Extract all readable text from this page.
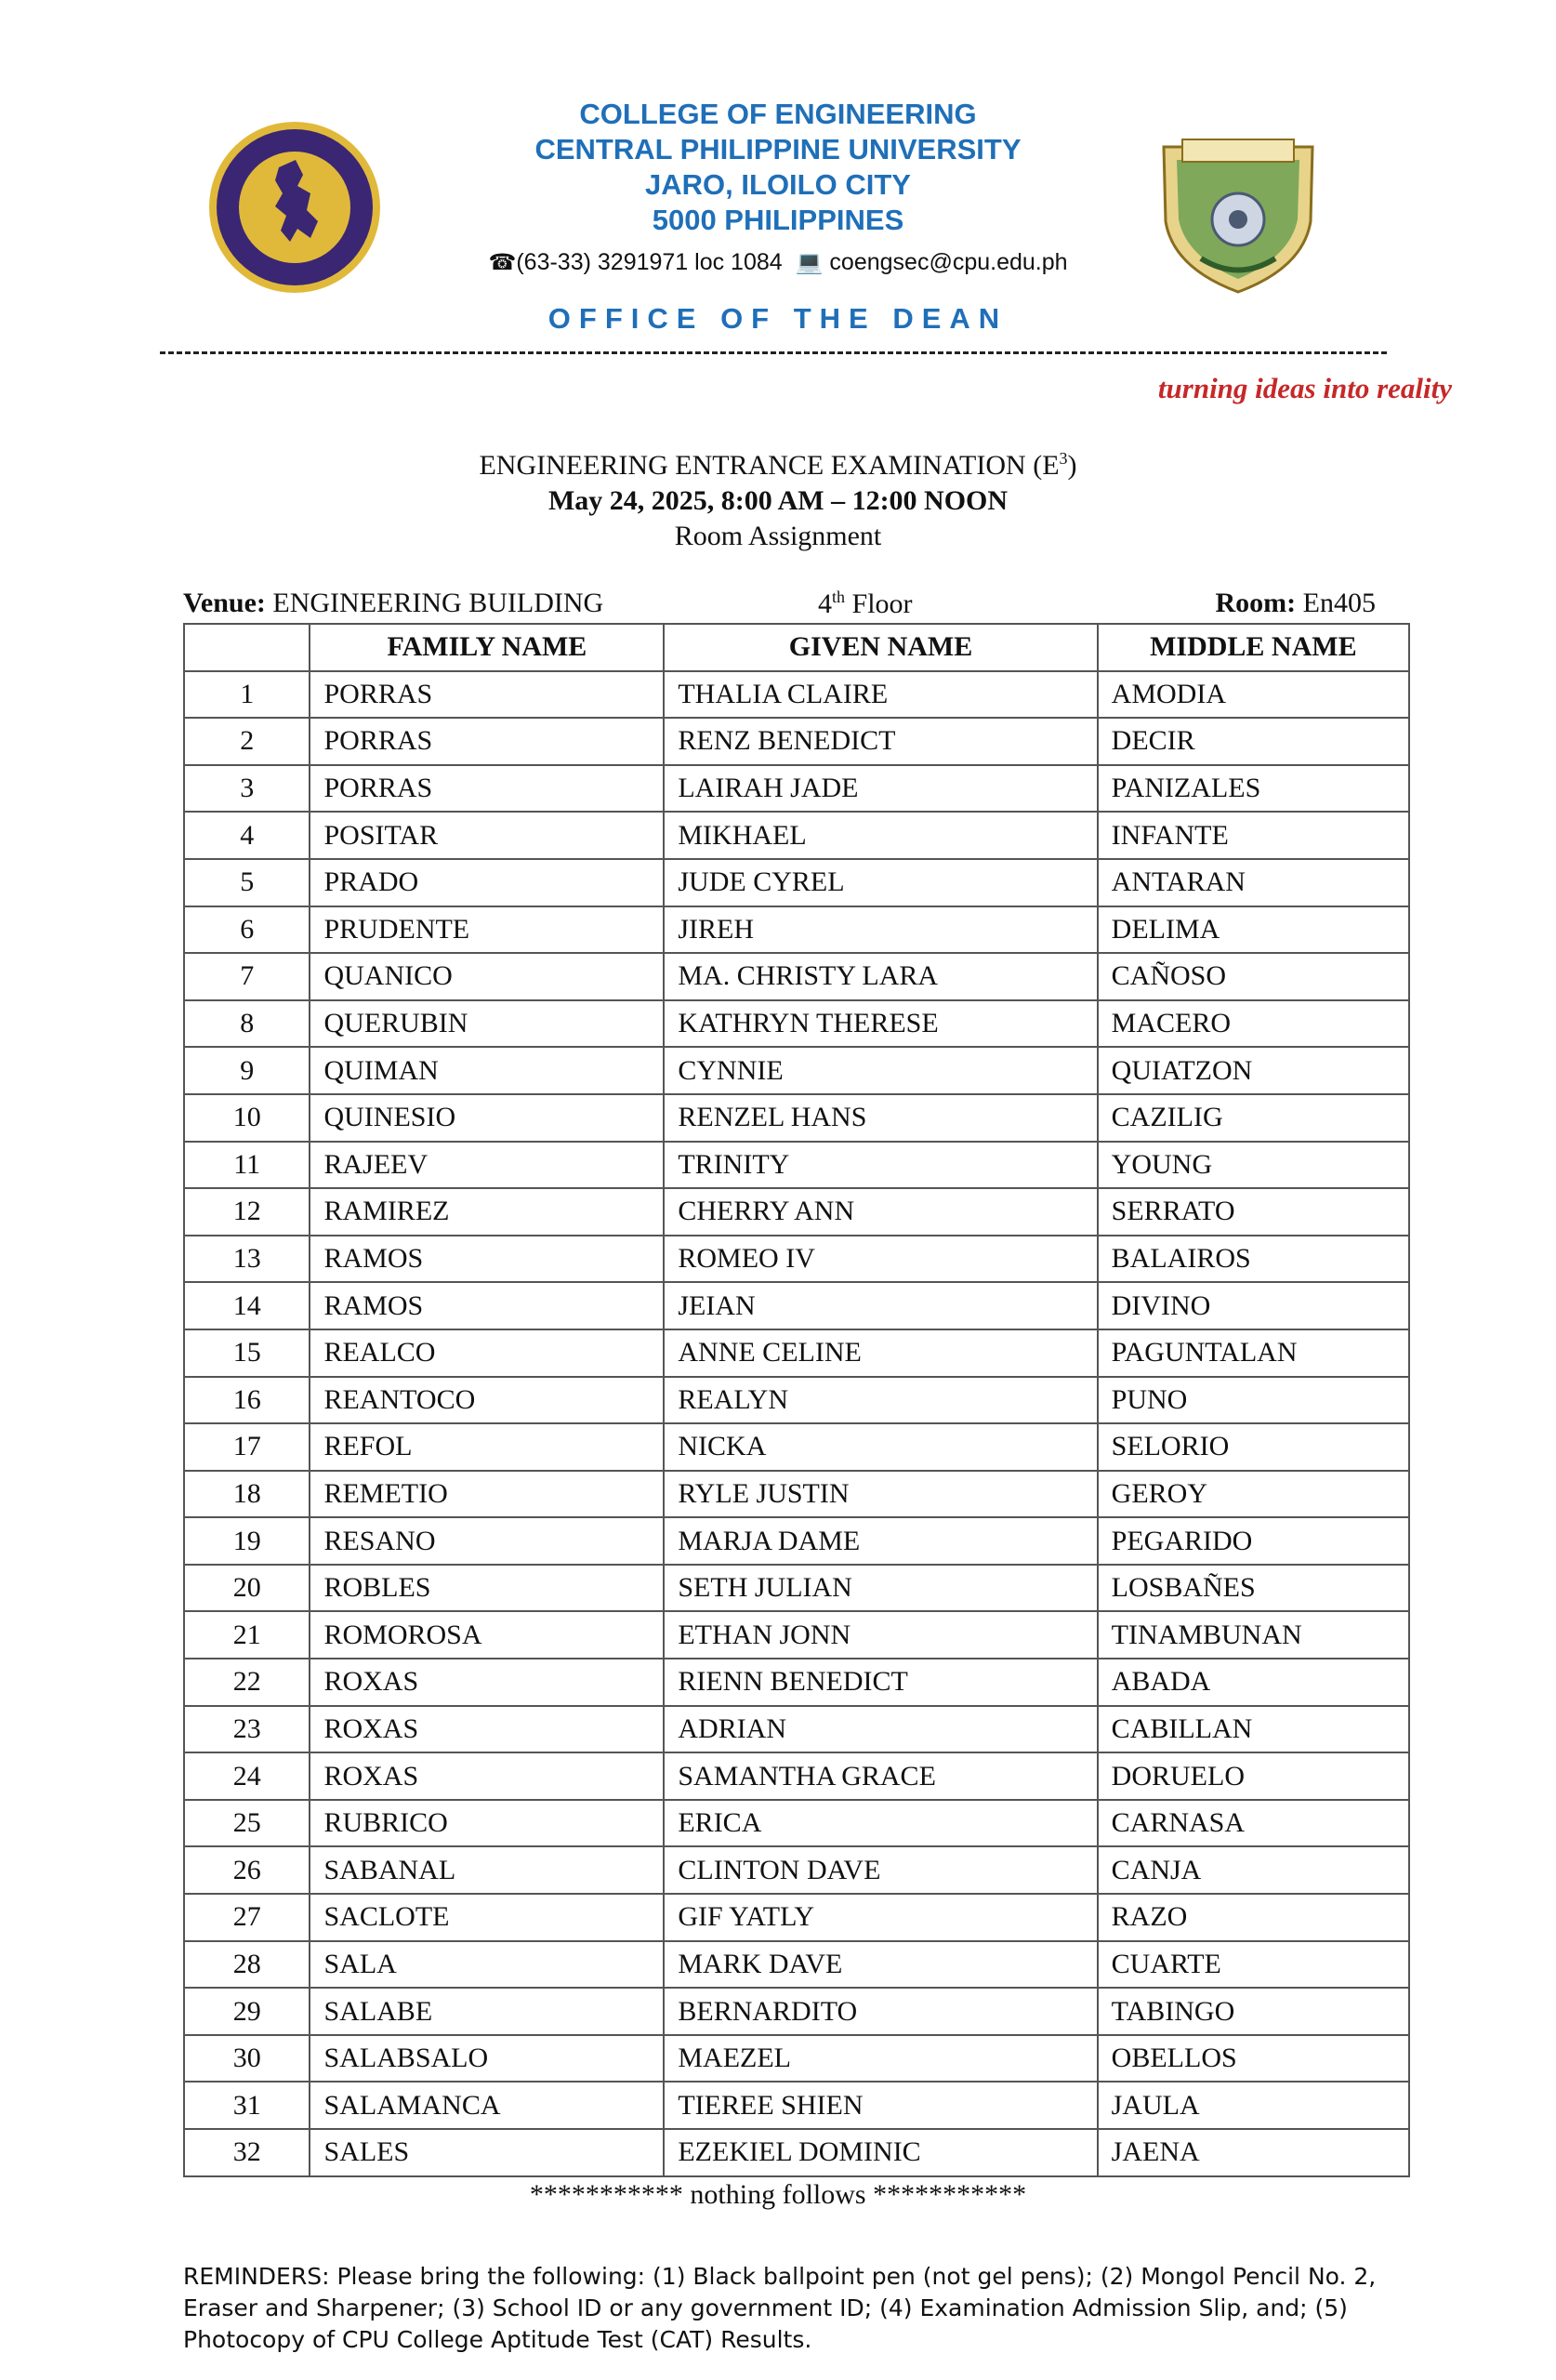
COLLEGE OF ENGINEERING
CENTRAL PHILIPPINE UNIVERSITY
JARO, ILOILO CITY
5000 PHILIPPINES
☎(63-33) 3291971 loc 1084 💻 coengsec@cpu.edu.ph
OFFICE OF THE DEAN
turning ideas into reality
ENGINEERING ENTRANCE EXAMINATION $(E^3)$
May 24, 2025, 8:00 AM – 12:00 NOON
Room Assignment
Venue: ENGINEERING BUILDING	4th Floor	Room: En405
	FAMILY NAME	GIVEN NAME	MIDDLE NAME
1	PORRAS	THALIA CLAIRE	AMODIA
2	PORRAS	RENZ BENEDICT	DECIR
3	PORRAS	LAIRAH JADE	PANIZALES
4	POSITAR	MIKHAEL	INFANTE
5	PRADO	JUDE CYREL	ANTARAN
6	PRUDENTE	JIREH	DELIMA
7	QUANICO	MA. CHRISTY LARA	CAÑOSO
8	QUERUBIN	KATHRYN THERESE	MACERO
9	QUIMAN	CYNNIE	QUIATZON
10	QUINESIO	RENZEL HANS	CAZILIG
11	RAJEEV	TRINITY	YOUNG
12	RAMIREZ	CHERRY ANN	SERRATO
13	RAMOS	ROMEO IV	BALAIROS
14	RAMOS	JEIAN	DIVINO
15	REALCO	ANNE CELINE	PAGUNTALAN
16	REANTOCO	REALYN	PUNO
17	REFOL	NICKA	SELORIO
18	REMETIO	RYLE JUSTIN	GEROY
19	RESANO	MARJA DAME	PEGARIDO
20	ROBLES	SETH JULIAN	LOSBAÑES
21	ROMOROSA	ETHAN JONN	TINAMBUNAN
22	ROXAS	RIENN BENEDICT	ABADA
23	ROXAS	ADRIAN	CABILLAN
24	ROXAS	SAMANTHA GRACE	DORUELO
25	RUBRICO	ERICA	CARNASA
26	SABANAL	CLINTON DAVE	CANJA
27	SACLOTE	GIF YATLY	RAZO
28	SALA	MARK DAVE	CUARTE
29	SALABE	BERNARDITO	TABINGO
30	SALABSALO	MAEZEL	OBELLOS
31	SALAMANCA	TIEREE SHIEN	JAULA
32	SALES	EZEKIEL DOMINIC	JAENA
*********** nothing follows ***********
REMINDERS: Please bring the following: (1) Black ballpoint pen (not gel pens); (2) Mongol Pencil No. 2, Eraser and Sharpener; (3) School ID or any government ID; (4) Examination Admission Slip, and; (5) Photocopy of CPU College Aptitude Test (CAT) Results.
